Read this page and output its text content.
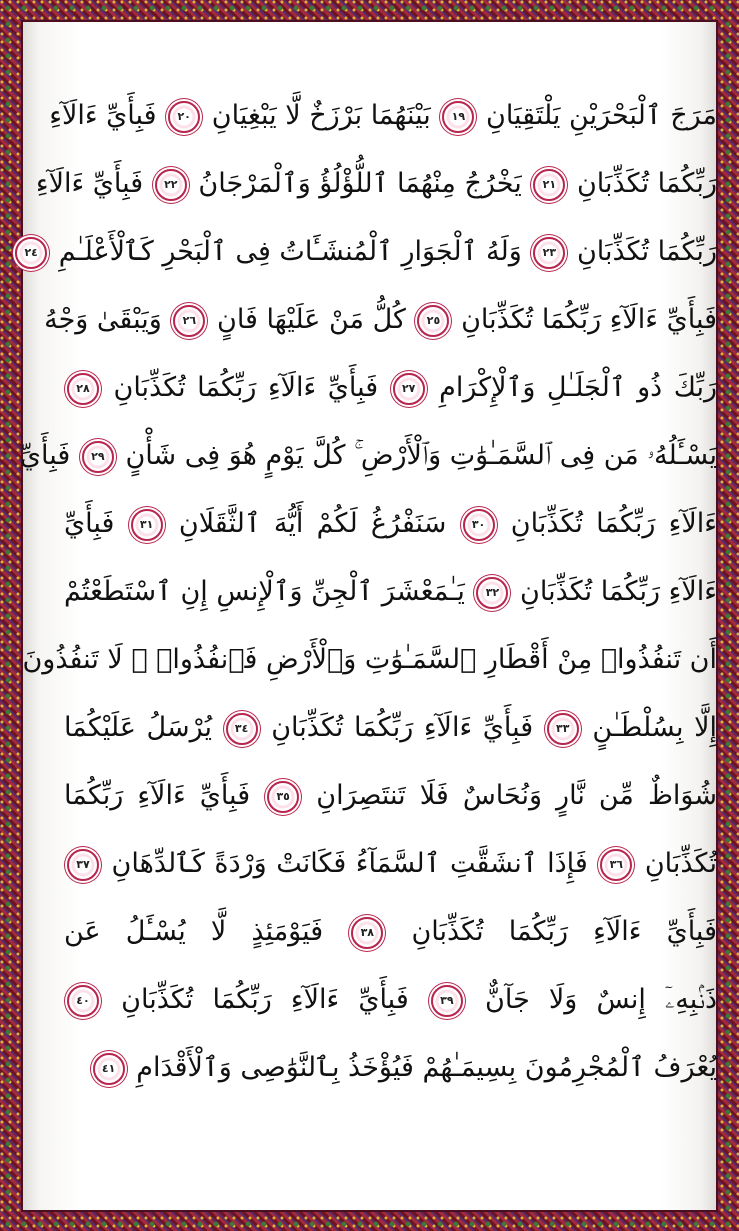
مَرَجَ ٱلْبَحْرَيْنِ يَلْتَقِيَانِ
١٩
بَيْنَهُمَا بَرْزَخٌ لَّا يَبْغِيَانِ
٢٠
فَبِأَيِّ ءَالَآءِ
رَبِّكُمَا تُكَذِّبَانِ
٢١
يَخْرُجُ مِنْهُمَا ٱللُّؤْلُؤُ وَٱلْمَرْجَانُ
٢٢
فَبِأَيِّ ءَالَآءِ
رَبِّكُمَا تُكَذِّبَانِ
٢٣
وَلَهُ ٱلْجَوَارِ ٱلْمُنشَـَٔاتُ فِى ٱلْبَحْرِ كَٱلْأَعْلَـٰمِ
٢٤
فَبِأَيِّ ءَالَآءِ رَبِّكُمَا تُكَذِّبَانِ
٢٥
كُلُّ مَنْ عَلَيْهَا فَانٍ
٢٦
وَيَبْقَىٰ وَجْهُ
رَبِّكَ ذُو ٱلْجَلَـٰلِ وَٱلْإِكْرَامِ
٢٧
فَبِأَيِّ ءَالَآءِ رَبِّكُمَا تُكَذِّبَانِ
٢٨
يَسْـَٔلُهُۥ مَن فِى ٱلسَّمَـٰوَٰتِ وَٱلْأَرْضِ ۚ كُلَّ يَوْمٍ هُوَ فِى شَأْنٍ
٢٩
فَبِأَيِّ
ءَالَآءِ رَبِّكُمَا تُكَذِّبَانِ
٣٠
سَنَفْرُغُ لَكُمْ أَيُّهَ ٱلثَّقَلَانِ
٣١
فَبِأَيِّ
ءَالَآءِ رَبِّكُمَا تُكَذِّبَانِ
٣٢
يَـٰمَعْشَرَ ٱلْجِنِّ وَٱلْإِنسِ إِنِ ٱسْتَطَعْتُمْ
أَن تَنفُذُوا۟ مِنْ أَقْطَارِ ٱلسَّمَـٰوَٰتِ وَٱلْأَرْضِ فَٱنفُذُوا۟ ۚ لَا تَنفُذُونَ
إِلَّا بِسُلْطَـٰنٍ
٣٣
فَبِأَيِّ ءَالَآءِ رَبِّكُمَا تُكَذِّبَانِ
٣٤
يُرْسَلُ عَلَيْكُمَا
شُوَاظٌ مِّن نَّارٍ وَنُحَاسٌ فَلَا تَنتَصِرَانِ
٣٥
فَبِأَيِّ ءَالَآءِ رَبِّكُمَا
تُكَذِّبَانِ
٣٦
فَإِذَا ٱنشَقَّتِ ٱلسَّمَآءُ فَكَانَتْ وَرْدَةً كَٱلدِّهَانِ
٣٧
فَبِأَيِّ ءَالَآءِ رَبِّكُمَا تُكَذِّبَانِ
٣٨
فَيَوْمَئِذٍ لَّا يُسْـَٔلُ عَن
ذَنۢبِهِۦٓ إِنسٌ وَلَا جَآنٌّ
٣٩
فَبِأَيِّ ءَالَآءِ رَبِّكُمَا تُكَذِّبَانِ
٤٠
يُعْرَفُ ٱلْمُجْرِمُونَ بِسِيمَـٰهُمْ فَيُؤْخَذُ بِٱلنَّوَٰصِى وَٱلْأَقْدَامِ
٤١
